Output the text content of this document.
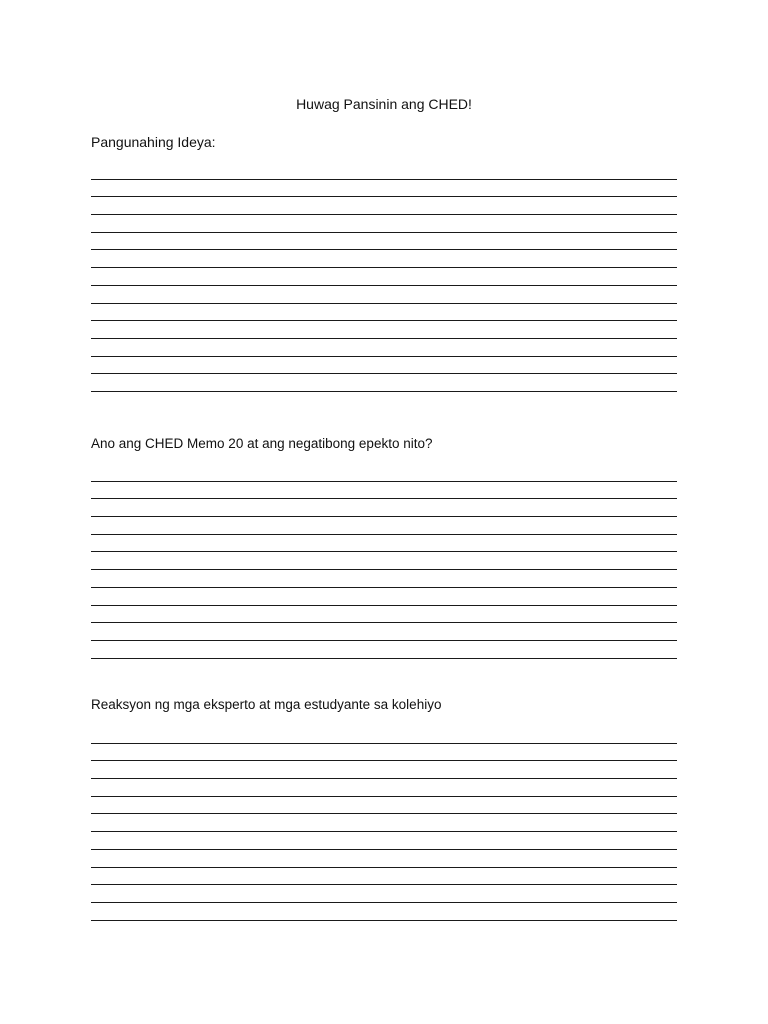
Huwag Pansinin ang CHED!
Pangunahing Ideya:
Ano ang CHED Memo 20 at ang negatibong epekto nito?
Reaksyon ng mga eksperto at mga estudyante sa kolehiyo
